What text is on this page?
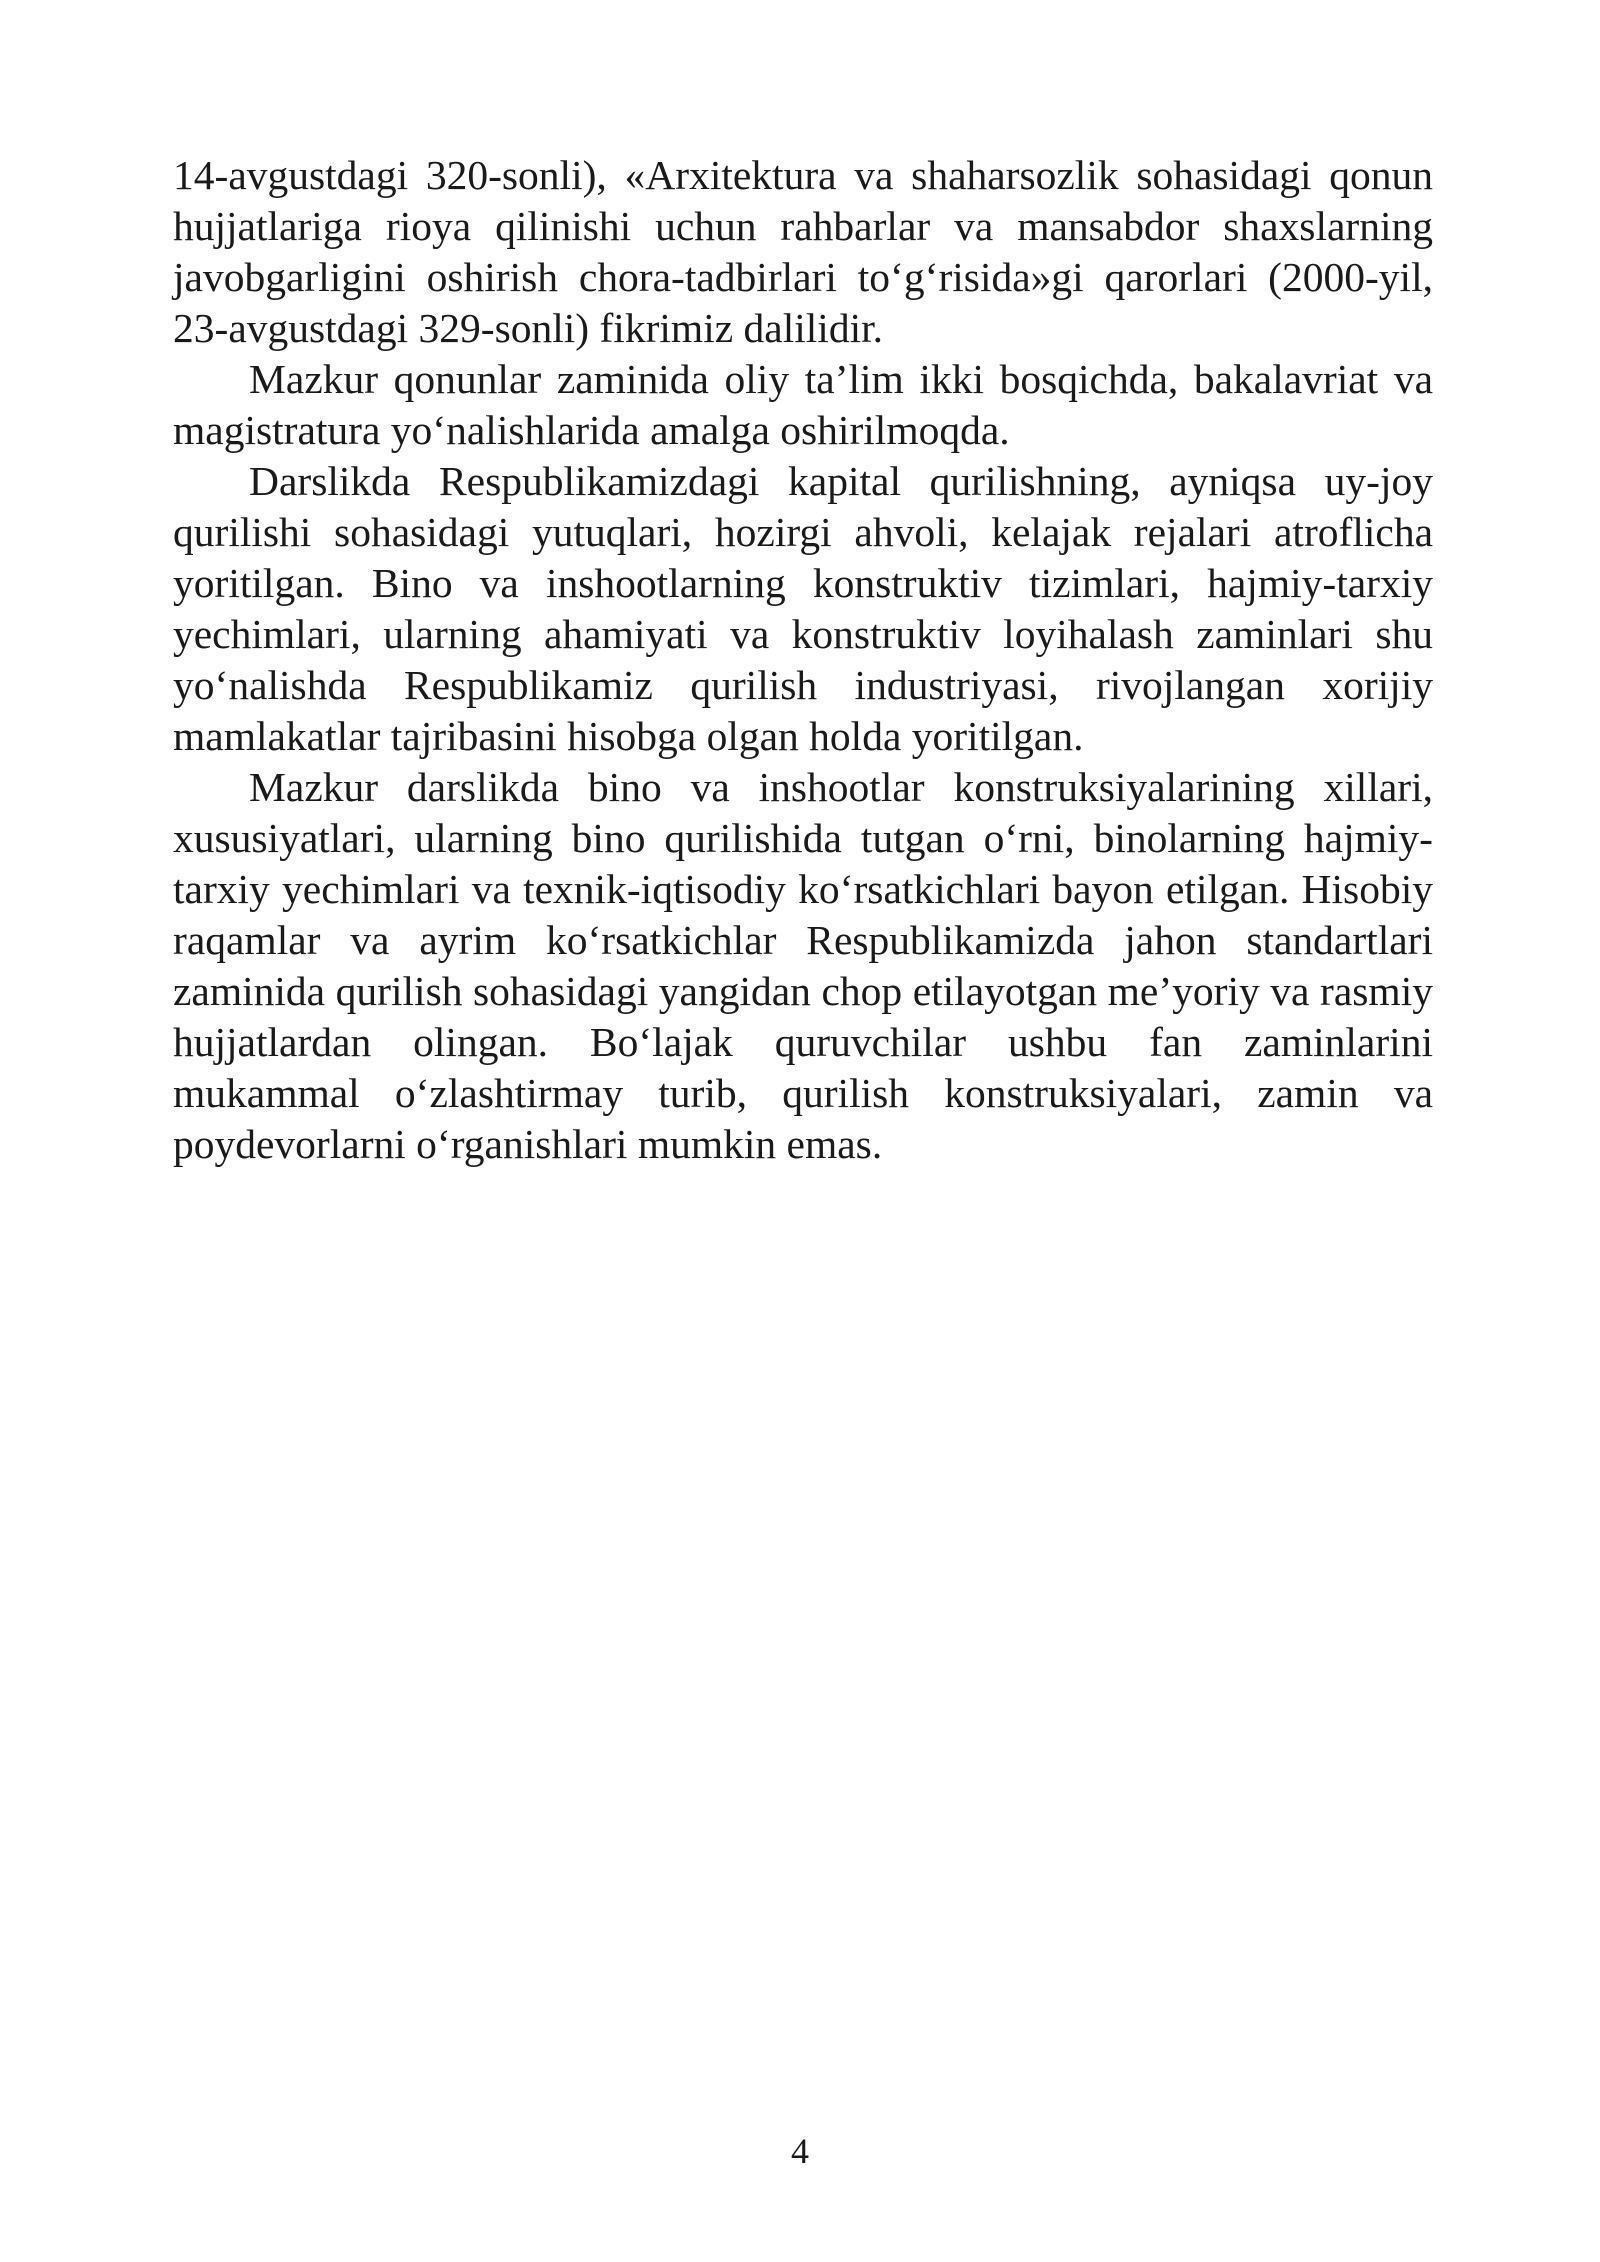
14-avgustdagi 320-sonli), «Arxitektura va shaharsozlik sohasidagi qonun hujjatlariga rioya qilinishi uchun rahbarlar va mansabdor shaxslarning javobgarligini oshirish chora-tadbirlari to‘g‘risida»gi qarorlari (2000-yil, 23-avgustdagi 329-sonli) fikrimiz dalilidir.

Mazkur qonunlar zaminida oliy ta’lim ikki bosqichda, bakalavriat va magistratura yo‘nalishlarida amalga oshirilmoqda.

Darslikda Respublikamizdagi kapital qurilishning, ayniqsa uy-joy qurilishi sohasidagi yutuqlari, hozirgi ahvoli, kelajak rejalari atroflicha yoritilgan. Bino va inshootlarning konstruktiv tizimlari, hajmiy-tarxiy yechimlari, ularning ahamiyati va konstruktiv loyihalash zaminlari shu yo‘nalishda Respublikamiz qurilish industriyasi, rivojlangan xorijiy mamlakatlar tajribasini hisobga olgan holda yoritilgan.

Mazkur darslikda bino va inshootlar konstruksiyalarining xillari, xususiyatlari, ularning bino qurilishida tutgan o‘rni, binolarning hajmiy-tarxiy yechimlari va texnik-iqtisodiy ko‘rsatkichlari bayon etilgan. Hisobiy raqamlar va ayrim ko‘rsatkichlar Respublikamizda jahon standartlari zaminida qurilish sohasidagi yangidan chop etilayotgan me’yoriy va rasmiy hujjatlardan olingan. Bo‘lajak quruvchilar ushbu fan zaminlarini mukammal o‘zlashtirmay turib, qurilish konstruksiyalari, zamin va poydevorlarni o‘rganishlari mumkin emas.

4
